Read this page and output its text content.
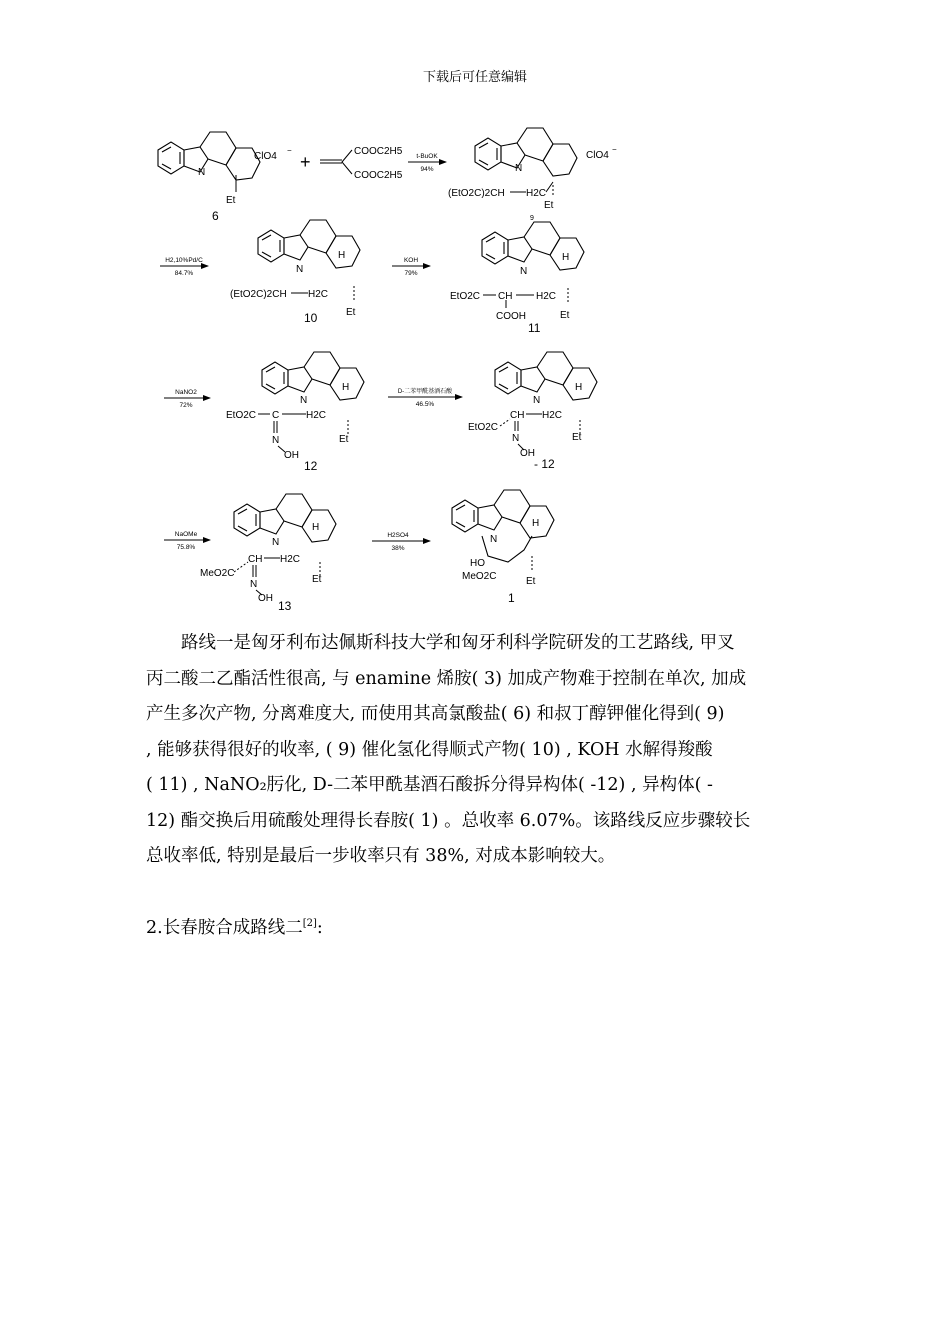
下载后可任意编辑
N
ClO4
−
Et
6
+
COOC2H5
COOC2H5
t-BuOK
94%	N
ClO4
−
(EtO2C)2CH H2C
Et
9
H2,10%Pd/C
84.7%	N
H
(EtO2C)2CH H2C
Et
10
KOH
79%	N
H
EtO2C CH H2C
COOH	Et
11
NaNO2
72%	N
H
EtO2C C	H2C
N
OH
Et
12
D-二苯甲酰基酒石酸
46.5%	N
H
EtO2C
CH H2C
N
OH
Et
- 12
NaOMe
75.8%	N
H
MeO2C
CH H2C
N
OH
Et
13
H2SO4
38%
N
H
HO
MeO2C	Et
1
路线一是匈牙利布达佩斯科技大学和匈牙利科学院研发的工艺路线, 甲叉
丙二酸二乙酯活性很高, 与 enamine 烯胺( 3) 加成产物难于控制在单次, 加成
产生多次产物, 分离难度大, 而使用其高氯酸盐( 6) 和叔丁醇钾催化得到( 9)
, 能够获得很好的收率, ( 9) 催化氢化得顺式产物( 10) , KOH 水解得羧酸
( 11) , NaNO₂肟化, D-二苯甲酰基酒石酸拆分得异构体( -12) , 异构体( -
12) 酯交换后用硫酸处理得长春胺( 1) 。总收率 6.07%。该路线反应步骤较长
总收率低, 特别是最后一步收率只有 38%, 对成本影响较大。
2.长春胺合成路线二[2]:
